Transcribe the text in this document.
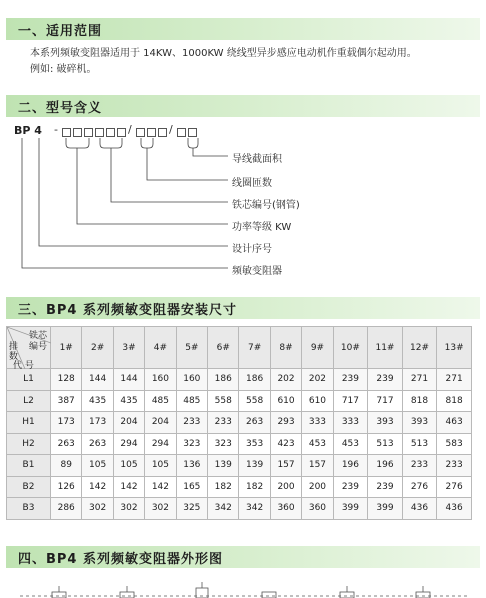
一、适用范围
本系列频敏变阻器适用于 14KW、1000KW 绕线型异步感应电动机作重载偶尔起动用。
例如: 破碎机。
二、型号含义
BP 4 -	/	/
导线截面积
线圈匝数
铁芯编号(钢管)
功率等级 KW
设计序号
频敏变阻器
三、BP4 系列频敏变阻器安装尺寸
铁芯
编号
排
数
代 号	1#	2#	3#	4#	5#	6#	7#	8#	9#	10#	11#	12#	13#
L1	128	144	144	160	160	186	186	202	202	239	239	271	271
L2	387	435	435	485	485	558	558	610	610	717	717	818	818
H1	173	173	204	204	233	233	263	293	333	333	393	393	463
H2	263	263	294	294	323	323	353	423	453	453	513	513	583
B1	89	105	105	105	136	139	139	157	157	196	196	233	233
B2	126	142	142	142	165	182	182	200	200	239	239	276	276
B3	286	302	302	302	325	342	342	360	360	399	399	436	436
四、BP4 系列频敏变阻器外形图
